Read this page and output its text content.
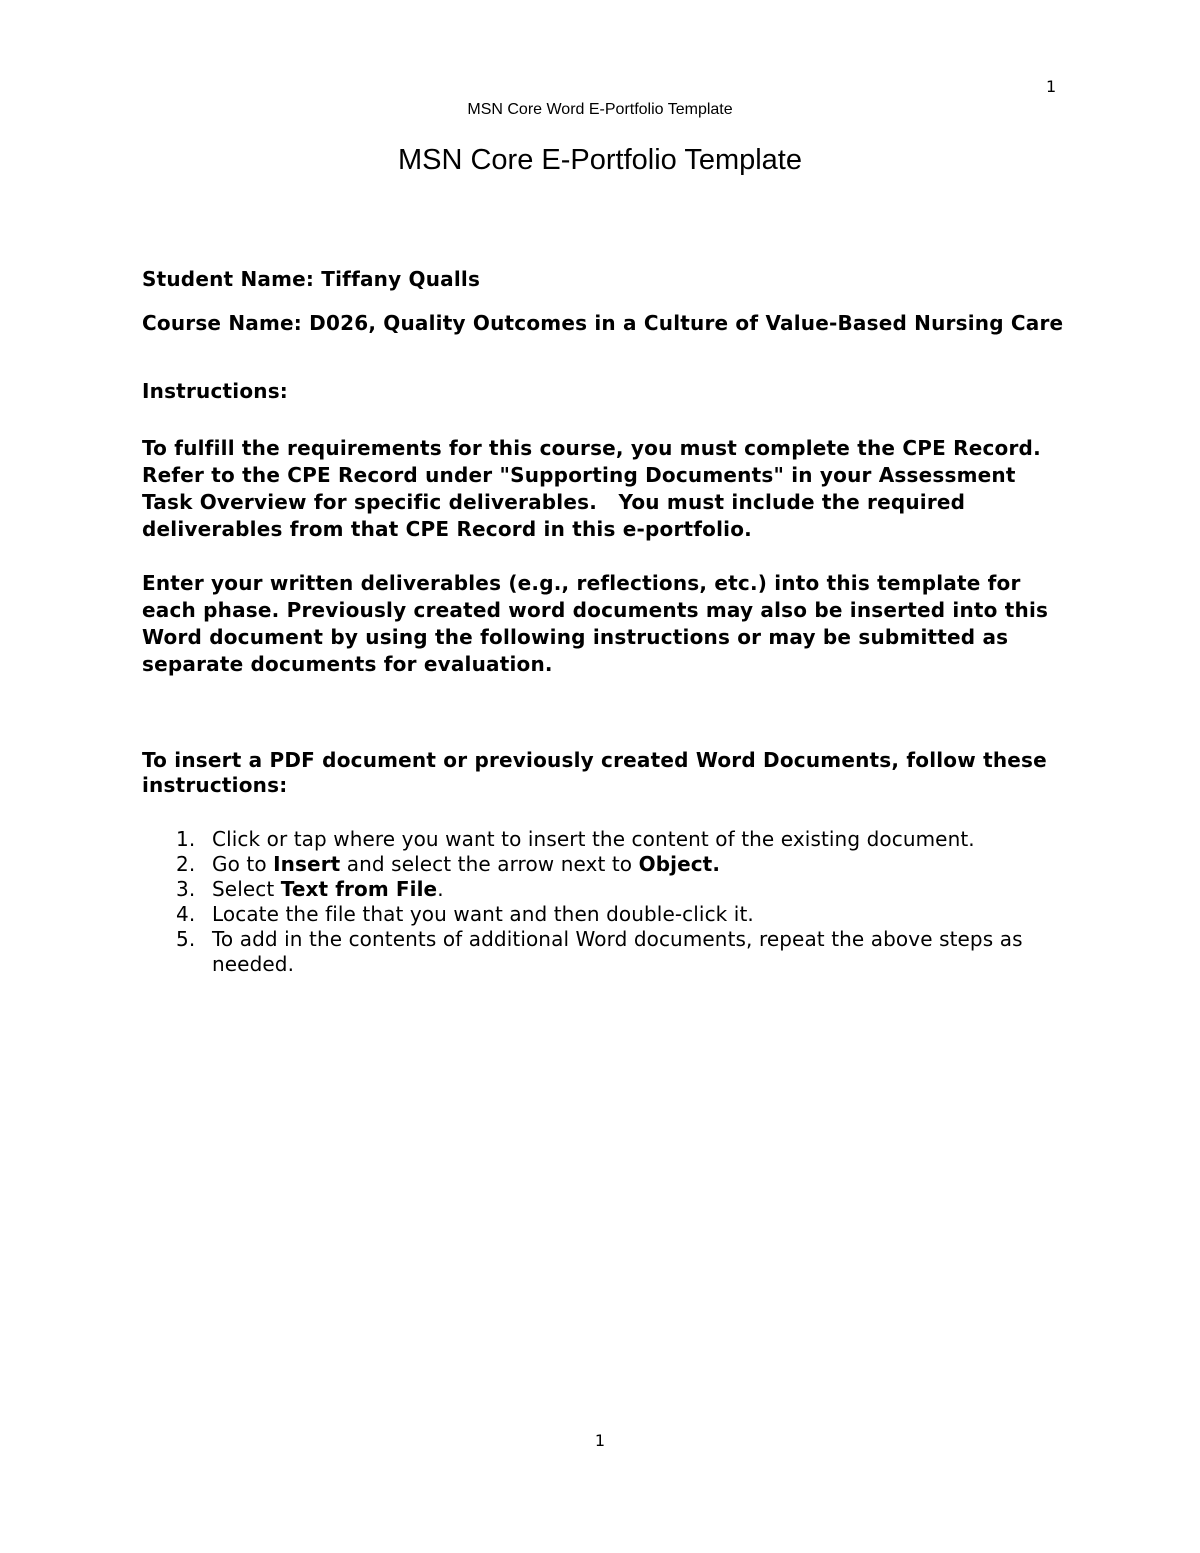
1
MSN Core Word E-Portfolio Template
MSN Core E-Portfolio Template
Student Name: Tiffany Qualls
Course Name: D026, Quality Outcomes in a Culture of Value-Based Nursing Care
Instructions:
To fulfill the requirements for this course, you must complete the CPE Record.   Refer to the CPE Record under "Supporting Documents" in your Assessment Task Overview for specific deliverables.   You must include the required deliverables from that CPE Record in this e-portfolio.
Enter your written deliverables (e.g., reflections, etc.) into this template for each phase. Previously created word documents may also be inserted into this Word document by using the following instructions or may be submitted as separate documents for evaluation.
To insert a PDF document or previously created Word Documents, follow these instructions:
1. Click or tap where you want to insert the content of the existing document.
2. Go to Insert and select the arrow next to Object.
3. Select Text from File.
4. Locate the file that you want and then double-click it.
5. To add in the contents of additional Word documents, repeat the above steps as needed.
1
